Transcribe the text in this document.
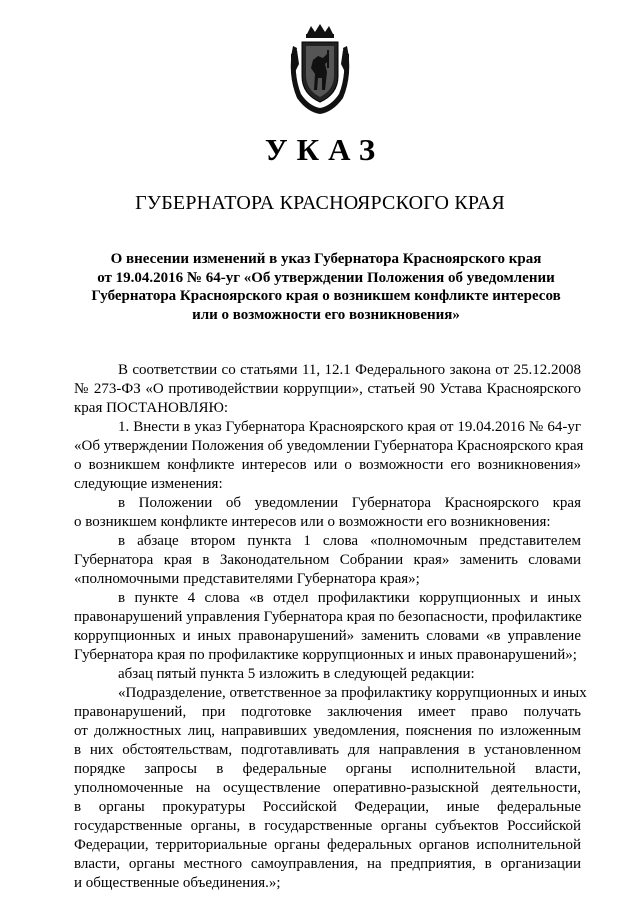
УКАЗ
ГУБЕРНАТОРА КРАСНОЯРСКОГО КРАЯ
О внесении изменений в указ Губернатора Красноярского края
от 19.04.2016 № 64-уг «Об утверждении Положения об уведомлении
Губернатора Красноярского края о возникшем конфликте интересов
или о возможности его возникновения»
В соответствии со статьями 11, 12.1 Федерального закона от 25.12.2008
№ 273-ФЗ «О противодействии коррупции», статьей 90 Устава Красноярского
края ПОСТАНОВЛЯЮ:
1. Внести в указ Губернатора Красноярского края от 19.04.2016 № 64-уг
«Об утверждении Положения об уведомлении Губернатора Красноярского края
о возникшем конфликте интересов или о возможности его возникновения»
следующие изменения:
в Положении об уведомлении Губернатора Красноярского края
о возникшем конфликте интересов или о возможности его возникновения:
в абзаце втором пункта 1 слова «полномочным представителем
Губернатора края в Законодательном Собрании края» заменить словами
«полномочными представителями Губернатора края»;
в пункте 4 слова «в отдел профилактики коррупционных и иных
правонарушений управления Губернатора края по безопасности, профилактике
коррупционных и иных правонарушений» заменить словами «в управление
Губернатора края по профилактике коррупционных и иных правонарушений»;
абзац пятый пункта 5 изложить в следующей редакции:
«Подразделение, ответственное за профилактику коррупционных и иных
правонарушений, при подготовке заключения имеет право получать
от должностных лиц, направивших уведомления, пояснения по изложенным
в них обстоятельствам, подготавливать для направления в установленном
порядке запросы в федеральные органы исполнительной власти,
уполномоченные на осуществление оперативно-разыскной деятельности,
в органы прокуратуры Российской Федерации, иные федеральные
государственные органы, в государственные органы субъектов Российской
Федерации, территориальные органы федеральных органов исполнительной
власти, органы местного самоуправления, на предприятия, в организации
и общественные объединения.»;
